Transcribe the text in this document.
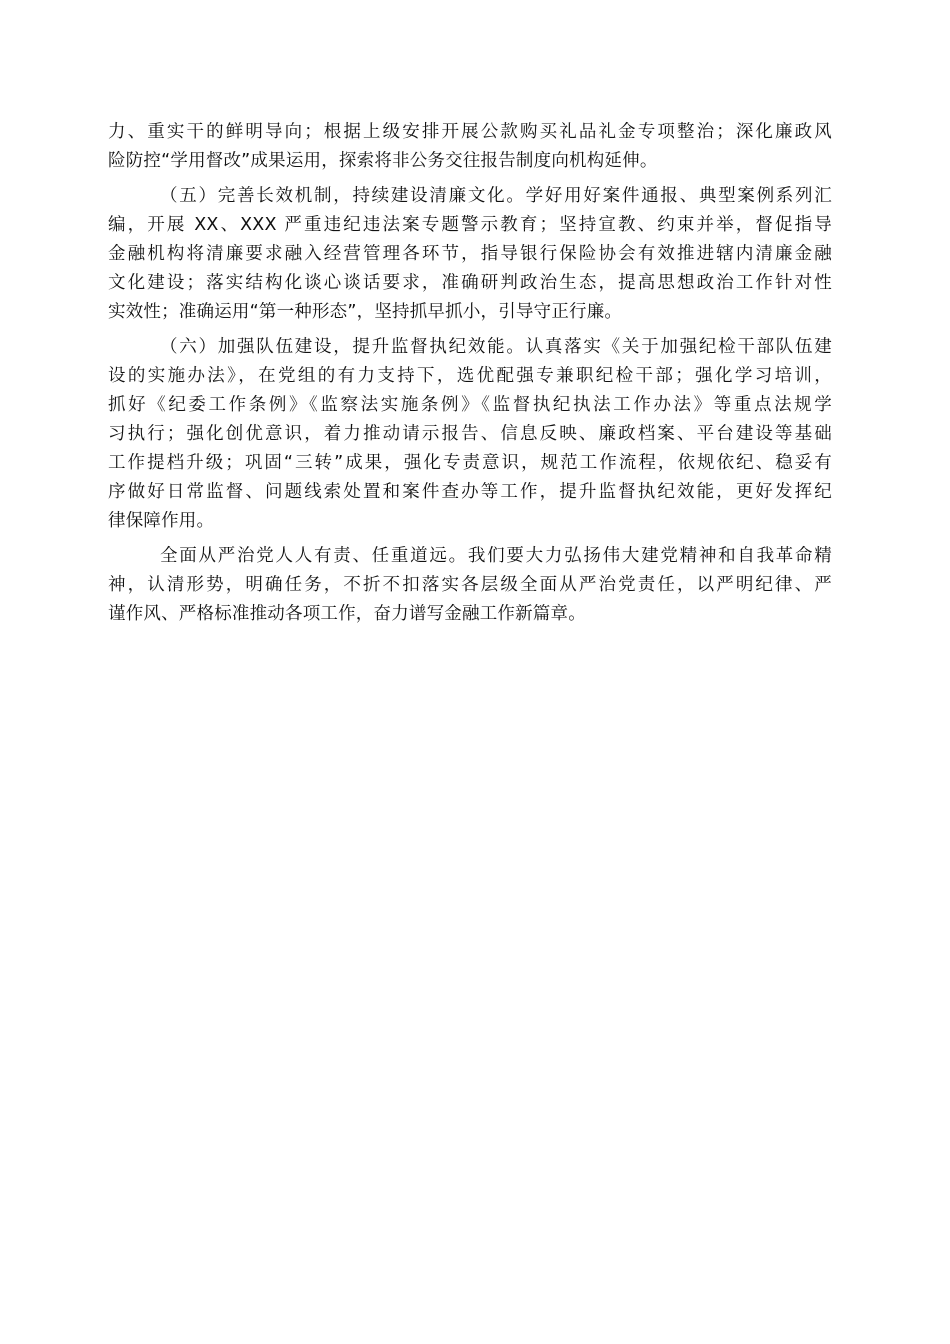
力、重实干的鲜明导向；根据上级安排开展公款购买礼品礼金专项整治；深化廉政风
险防控“学用督改”成果运用，探索将非公务交往报告制度向机构延伸。
（五）完善长效机制，持续建设清廉文化。学好用好案件通报、典型案例系列汇
编，开展 XX、XXX 严重违纪违法案专题警示教育；坚持宣教、约束并举，督促指导
金融机构将清廉要求融入经营管理各环节，指导银行保险协会有效推进辖内清廉金融
文化建设；落实结构化谈心谈话要求，准确研判政治生态，提高思想政治工作针对性
实效性；准确运用“第一种形态”，坚持抓早抓小，引导守正行廉。
（六）加强队伍建设，提升监督执纪效能。认真落实《关于加强纪检干部队伍建
设的实施办法》，在党组的有力支持下，选优配强专兼职纪检干部；强化学习培训，
抓好《纪委工作条例》《监察法实施条例》《监督执纪执法工作办法》等重点法规学
习执行；强化创优意识，着力推动请示报告、信息反映、廉政档案、平台建设等基础
工作提档升级；巩固“三转”成果，强化专责意识，规范工作流程，依规依纪、稳妥有
序做好日常监督、问题线索处置和案件查办等工作，提升监督执纪效能，更好发挥纪
律保障作用。
全面从严治党人人有责、任重道远。我们要大力弘扬伟大建党精神和自我革命精
神，认清形势，明确任务，不折不扣落实各层级全面从严治党责任，以严明纪律、严
谨作风、严格标准推动各项工作，奋力谱写金融工作新篇章。
